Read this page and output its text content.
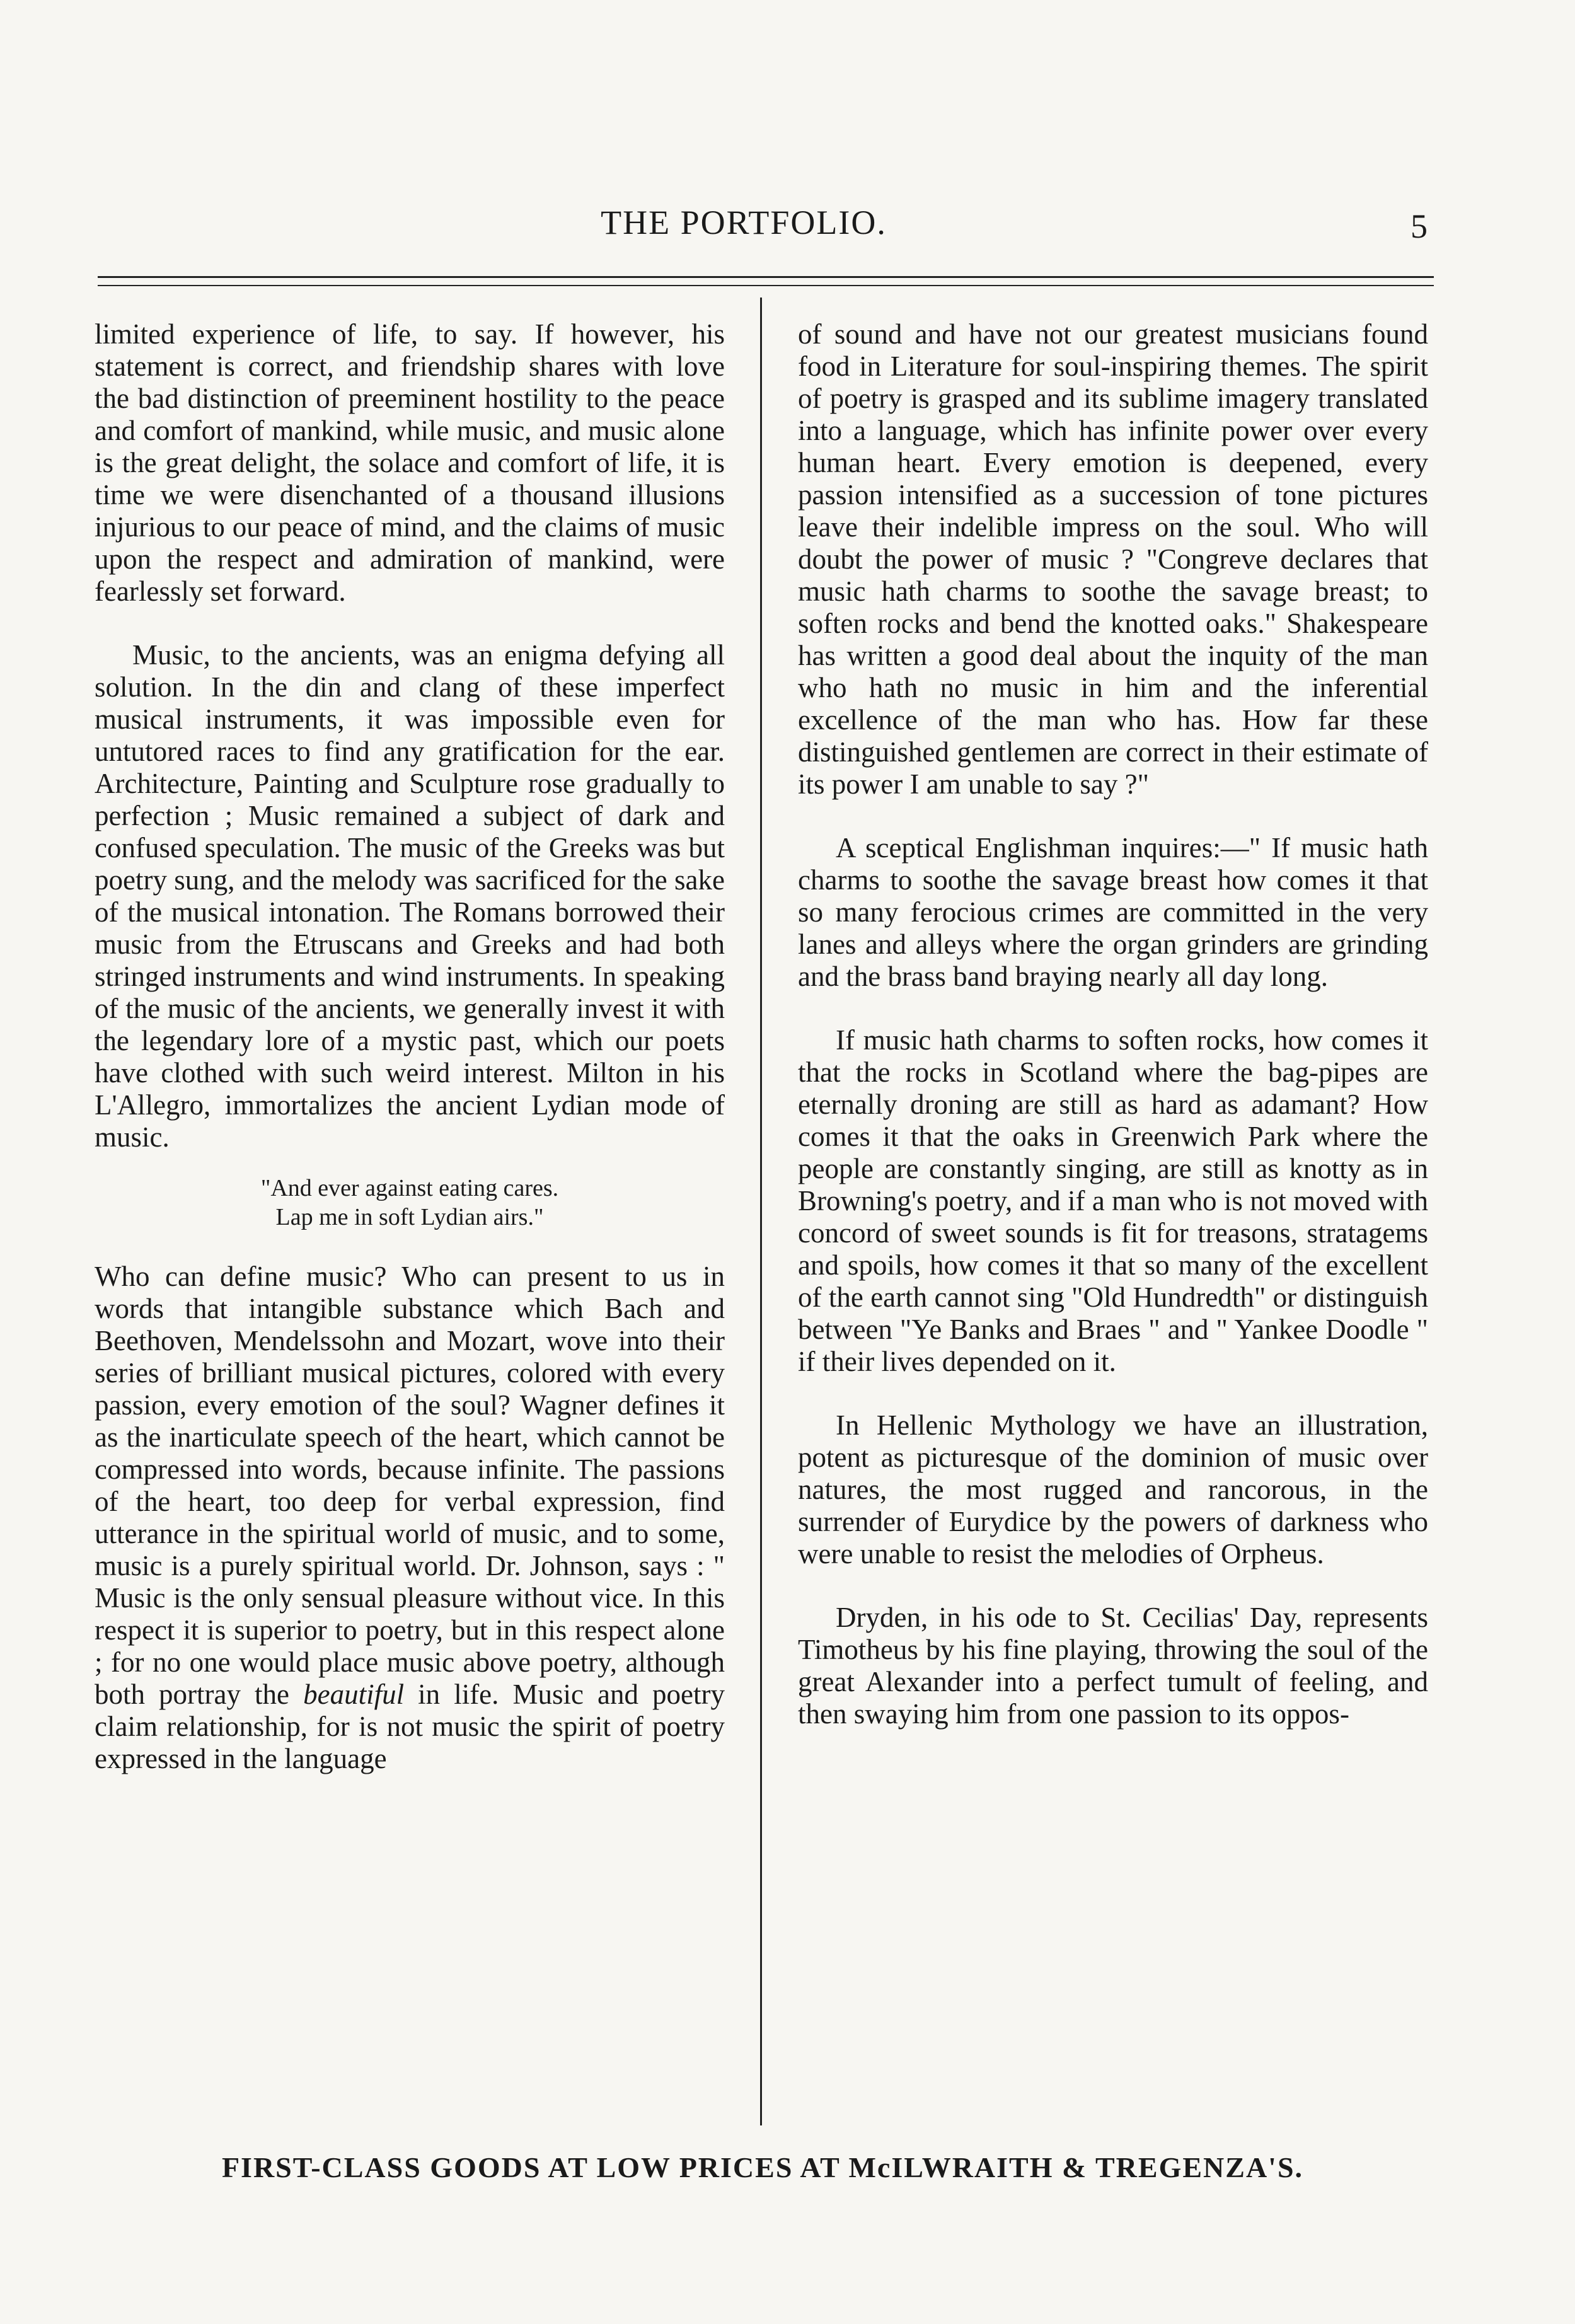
THE PORTFOLIO.	5

limited experience of life, to say. If however, his statement is correct, and friendship shares with love the bad distinction of preeminent hostility to the peace and comfort of mankind, while music, and music alone is the great delight, the solace and comfort of life, it is time we were disenchanted of a thousand illusions injurious to our peace of mind, and the claims of music upon the respect and admiration of mankind, were fearlessly set forward.

Music, to the ancients, was an enigma defying all solution. In the din and clang of these imperfect musical instruments, it was impossible even for untutored races to find any gratification for the ear. Architecture, Painting and Sculpture rose gradually to perfection ; Music remained a subject of dark and confused speculation. The music of the Greeks was but poetry sung, and the melody was sacrificed for the sake of the musical intonation. The Romans borrowed their music from the Etruscans and Greeks and had both stringed instruments and wind instruments. In speaking of the music of the ancients, we generally invest it with the legendary lore of a mystic past, which our poets have clothed with such weird interest. Milton in his L'Allegro, immortalizes the ancient Lydian mode of music.

"And ever against eating cares.
Lap me in soft Lydian airs."

Who can define music? Who can present to us in words that intangible substance which Bach and Beethoven, Mendelssohn and Mozart, wove into their series of brilliant musical pictures, colored with every passion, every emotion of the soul? Wagner defines it as the inarticulate speech of the heart, which cannot be compressed into words, because infinite. The passions of the heart, too deep for verbal expression, find utterance in the spiritual world of music, and to some, music is a purely spiritual world. Dr. Johnson, says : " Music is the only sensual pleasure without vice. In this respect it is superior to poetry, but in this respect alone ; for no one would place music above poetry, although both portray the beautiful in life. Music and poetry claim relationship, for is not music the spirit of poetry expressed in the language

of sound and have not our greatest musicians found food in Literature for soul-inspiring themes. The spirit of poetry is grasped and its sublime imagery translated into a language, which has infinite power over every human heart. Every emotion is deepened, every passion intensified as a succession of tone pictures leave their indelible impress on the soul. Who will doubt the power of music ? "Congreve declares that music hath charms to soothe the savage breast; to soften rocks and bend the knotted oaks." Shakespeare has written a good deal about the inquity of the man who hath no music in him and the inferential excellence of the man who has. How far these distinguished gentlemen are correct in their estimate of its power I am unable to say ?"

A sceptical Englishman inquires:—" If music hath charms to soothe the savage breast how comes it that so many ferocious crimes are committed in the very lanes and alleys where the organ grinders are grinding and the brass band braying nearly all day long.

If music hath charms to soften rocks, how comes it that the rocks in Scotland where the bag-pipes are eternally droning are still as hard as adamant? How comes it that the oaks in Greenwich Park where the people are constantly singing, are still as knotty as in Browning's poetry, and if a man who is not moved with concord of sweet sounds is fit for treasons, stratagems and spoils, how comes it that so many of the excellent of the earth cannot sing "Old Hundredth" or distinguish between "Ye Banks and Braes " and " Yankee Doodle " if their lives depended on it.

In Hellenic Mythology we have an illustration, potent as picturesque of the dominion of music over natures, the most rugged and rancorous, in the surrender of Eurydice by the powers of darkness who were unable to resist the melodies of Orpheus.

Dryden, in his ode to St. Cecilias' Day, represents Timotheus by his fine playing, throwing the soul of the great Alexander into a perfect tumult of feeling, and then swaying him from one passion to its oppos-

FIRST-CLASS GOODS AT LOW PRICES AT McILWRAITH & TREGENZA'S.
